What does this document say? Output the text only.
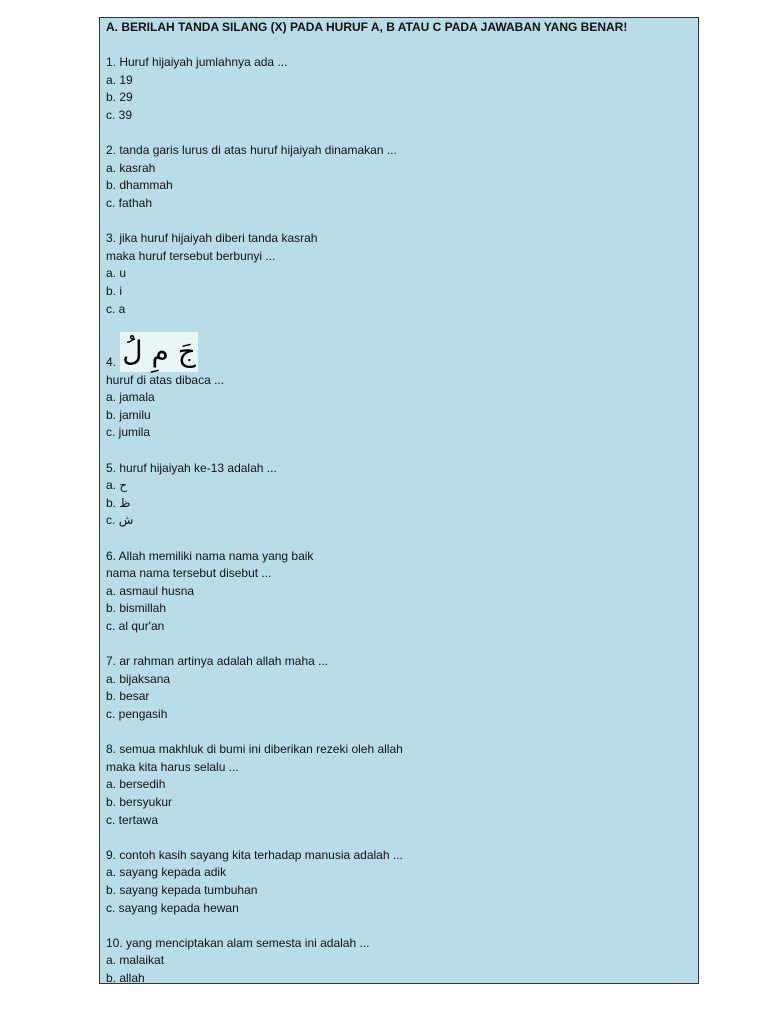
A. BERILAH TANDA SILANG (X) PADA HURUF A, B ATAU C PADA JAWABAN YANG BENAR!
1. Huruf hijaiyah jumlahnya ada ...
a. 19
b. 29
c. 39
2. tanda garis lurus di atas huruf hijaiyah dinamakan ...
a. kasrah
b. dhammah
c. fathah
3. jika huruf hijaiyah diberi tanda kasrah
maka huruf tersebut berbunyi ...
a. u
b. i
c. a
4. جَ مِ لُ
huruf di atas dibaca ...
a. jamala
b. jamilu
c. jumila
5. huruf hijaiyah ke-13 adalah ...
a. ح
b. ظ
c. ش
6. Allah memiliki nama nama yang baik
nama nama tersebut disebut ...
a. asmaul husna
b. bismillah
c. al qur'an
7. ar rahman artinya adalah allah maha ...
a. bijaksana
b. besar
c. pengasih
8. semua makhluk di bumi ini diberikan rezeki oleh allah
maka kita harus selalu ...
a. bersedih
b. bersyukur
c. tertawa
9. contoh kasih sayang kita terhadap manusia adalah ...
a. sayang kepada adik
b. sayang kepada tumbuhan
c. sayang kepada hewan
10. yang menciptakan alam semesta ini adalah ...
a. malaikat
b. allah
